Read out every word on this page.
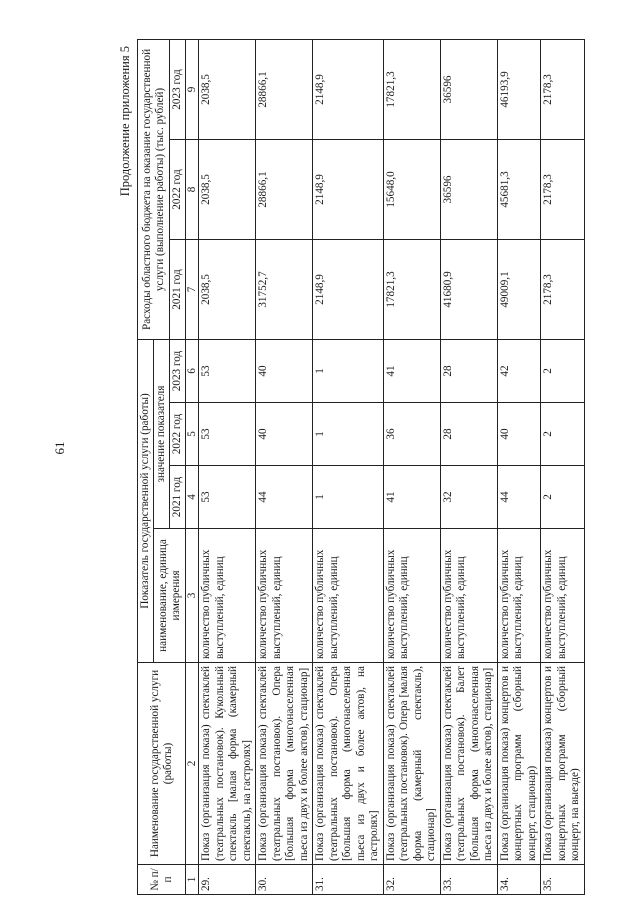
61
Продолжение приложения 5
№ п/п	Наименование государственной услуги (работы)	Показатель государственной услуги (работы)				Расходы областного бюджета на оказание государственной услуги (выполнение работы) (тыс. рублей)		
		наименование, единица измерения	значение показателя					
			2021 год	2022 год	2023 год	2021 год	2022 год	2023 год
1	2	3	4	5	6	7	8	9
29.	Показ (организация показа) спектаклей (театральных постановок). Кукольный спектакль [малая форма (камерный спектакль), на гастролях]	количество публичных выступлений, единиц	53	53	53	2038,5	2038,5	2038,5
30.	Показ (организация показа) спектаклей (театральных постановок). Опера [большая форма (многонаселенная пьеса из двух и более актов), стационар]	количество публичных выступлений, единиц	44	40	40	31752,7	28866,1	28866,1
31.	Показ (организация показа) спектаклей (театральных постановок). Опера [большая форма (многонаселенная пьеса из двух и более актов), на гастролях]	количество публичных выступлений, единиц	1	1	1	2148,9	2148,9	2148,9
32.	Показ (организация показа) спектаклей (театральных постановок). Опера [малая форма (камерный спектакль), стационар]	количество публичных выступлений, единиц	41	36	41	17821,3	15648,0	17821,3
33.	Показ (организация показа) спектаклей (театральных постановок). Балет [большая форма (многонаселенная пьеса из двух и более актов), стационар]	количество публичных выступлений, единиц	32	28	28	41680,9	36596	36596
34.	Показ (организация показа) концертов и концертных программ (сборный концерт, стационар)	количество публичных выступлений, единиц	44	40	42	49009,1	45681,3	46193,9
35.	Показ (организация показа) концертов и концертных программ (сборный концерт, на выезде)	количество публичных выступлений, единиц	2	2	2	2178,3	2178,3	2178,3
